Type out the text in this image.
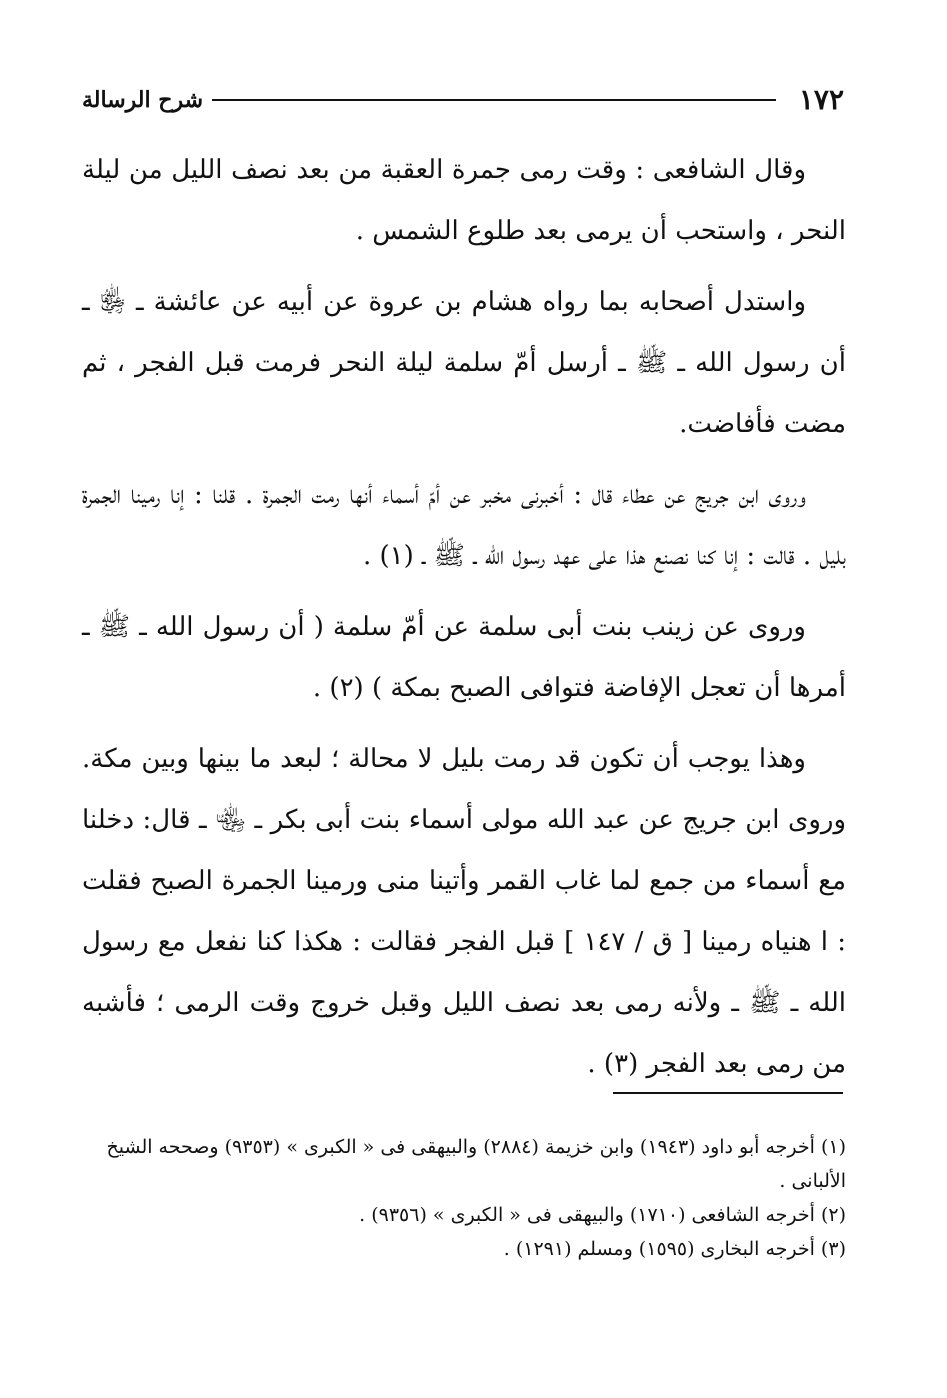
١٧٢
شرح الرسالة

وقال الشافعى : وقت رمى جمرة العقبة من بعد نصف الليل من ليلة النحر ، واستحب أن يرمى بعد طلوع الشمس .

واستدل أصحابه بما رواه هشام بن عروة عن أبيه عن عائشة ـ ﵂ ـ أن رسول الله ـ ﷺ ـ أرسل أمّ سلمة ليلة النحر فرمت قبل الفجر ، ثم مضت فأفاضت.

وروى ابن جريج عن عطاء قال : أخبرنى مخبر عن أمّ أسماء أنها رمت الجمرة . قلنا : إنا رمينا الجمرة بليل . قالت : إنا كنا نصنع هذا على عهد رسول الله ـ ﷺ ـ (١) .

وروى عن زينب بنت أبى سلمة عن أمّ سلمة ( أن رسول الله ـ ﷺ ـ أمرها أن تعجل الإفاضة فتوافى الصبح بمكة ) (٢) .

وهذا يوجب أن تكون قد رمت بليل لا محالة ؛ لبعد ما بينها وبين مكة. وروى ابن جريج عن عبد الله مولى أسماء بنت أبى بكر ـ ﵄ ـ قال: دخلنا مع أسماء من جمع لما غاب القمر وأتينا منى ورمينا الجمرة الصبح فقلت : ا هنياه رمينا [ ق / ١٤٧ ] قبل الفجر فقالت : هكذا كنا نفعل مع رسول الله ـ ﷺ ـ ولأنه رمى بعد نصف الليل وقبل خروج وقت الرمى ؛ فأشبه من رمى بعد الفجر (٣) .

(١) أخرجه أبو داود (١٩٤٣) وابن خزيمة (٢٨٨٤) والبيهقى فى « الكبرى » (٩٣٥٣) وصححه الشيخ الألبانى .

(٢) أخرجه الشافعى (١٧١٠) والبيهقى فى « الكبرى » (٩٣٥٦) .

(٣) أخرجه البخارى (١٥٩٥) ومسلم (١٢٩١) .
